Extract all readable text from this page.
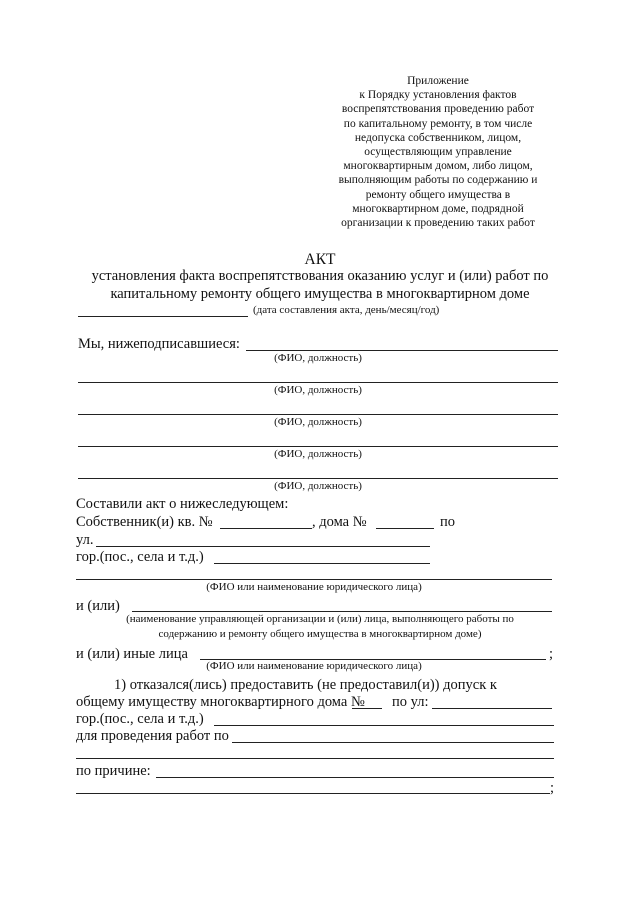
Приложение
к Порядку установления фактов
воспрепятствования проведению работ
по капитальному ремонту, в том числе
недопуска собственником, лицом,
осуществляющим управление
многоквартирным домом, либо лицом,
выполняющим работы по содержанию и
ремонту общего имущества в
многоквартирном доме, подрядной
организации к проведению таких работ
АКТ
установления факта воспрепятствования оказанию услуг и (или) работ по
капитальному ремонту общего имущества в многоквартирном доме
(дата составления акта, день/месяц/год)
Мы, нижеподписавшиеся:
(ФИО, должность)
(ФИО, должность)
(ФИО, должность)
(ФИО, должность)
(ФИО, должность)
Составили акт о нижеследующем:
Собственник(и) кв. №	, дома №	по
ул.
гор.(пос., села и т.д.)
(ФИО или наименование юридического лица)
и (или)
(наименование управляющей организации и (или) лица, выполняющего работы по
содержанию и ремонту общего имущества в многоквартирном доме)
и (или) иные лица	;
(ФИО или наименование юридического лица)
1) отказался(лись) предоставить (не предоставил(и)) допуск к
общему имуществу многоквартирного дома № по ул:
гор.(пос., села и т.д.)
для проведения работ по
по причине:
;
